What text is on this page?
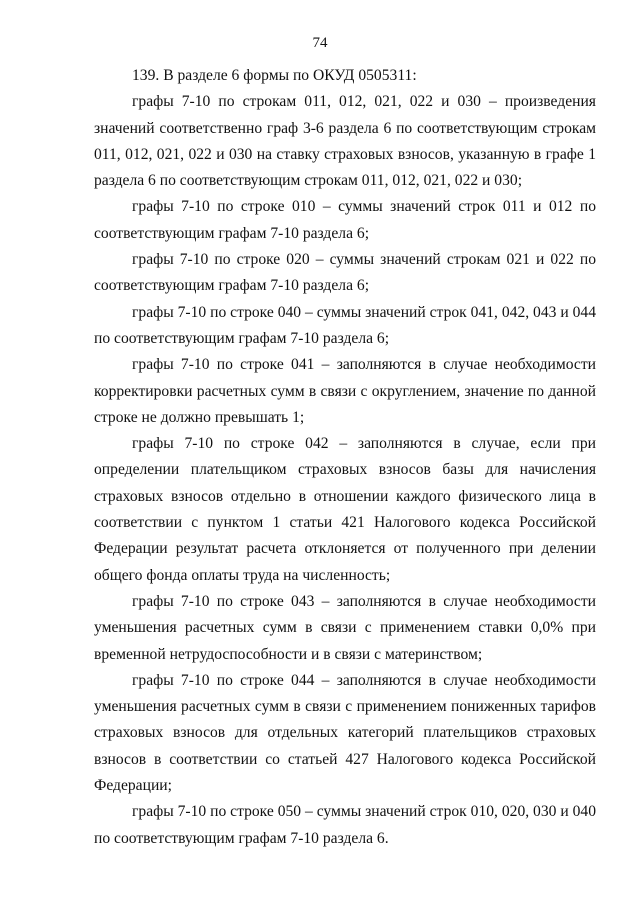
74

139. В разделе 6 формы по ОКУД 0505311:

графы 7-10 по строкам 011, 012, 021, 022 и 030 – произведения значений соответственно граф 3-6 раздела 6 по соответствующим строкам 011, 012, 021, 022 и 030 на ставку страховых взносов, указанную в графе 1 раздела 6 по соответствующим строкам 011, 012, 021, 022 и 030;

графы 7-10 по строке 010 – суммы значений строк 011 и 012 по соответствующим графам 7-10 раздела 6;

графы 7-10 по строке 020 – суммы значений строкам 021 и 022 по соответствующим графам 7-10 раздела 6;

графы 7-10 по строке 040 – суммы значений строк 041, 042, 043 и 044 по соответствующим графам 7-10 раздела 6;

графы 7-10 по строке 041 – заполняются в случае необходимости корректировки расчетных сумм в связи с округлением, значение по данной строке не должно превышать 1;

графы 7-10 по строке 042 – заполняются в случае, если при определении плательщиком страховых взносов базы для начисления страховых взносов отдельно в отношении каждого физического лица в соответствии с пунктом 1 статьи 421 Налогового кодекса Российской Федерации результат расчета отклоняется от полученного при делении общего фонда оплаты труда на численность;

графы 7-10 по строке 043 – заполняются в случае необходимости уменьшения расчетных сумм в связи с применением ставки 0,0% при временной нетрудоспособности и в связи с материнством;

графы 7-10 по строке 044 – заполняются в случае необходимости уменьшения расчетных сумм в связи с применением пониженных тарифов страховых взносов для отдельных категорий плательщиков страховых взносов в соответствии со статьей 427 Налогового кодекса Российской Федерации;

графы 7-10 по строке 050 – суммы значений строк 010, 020, 030 и 040 по соответствующим графам 7-10 раздела 6.
